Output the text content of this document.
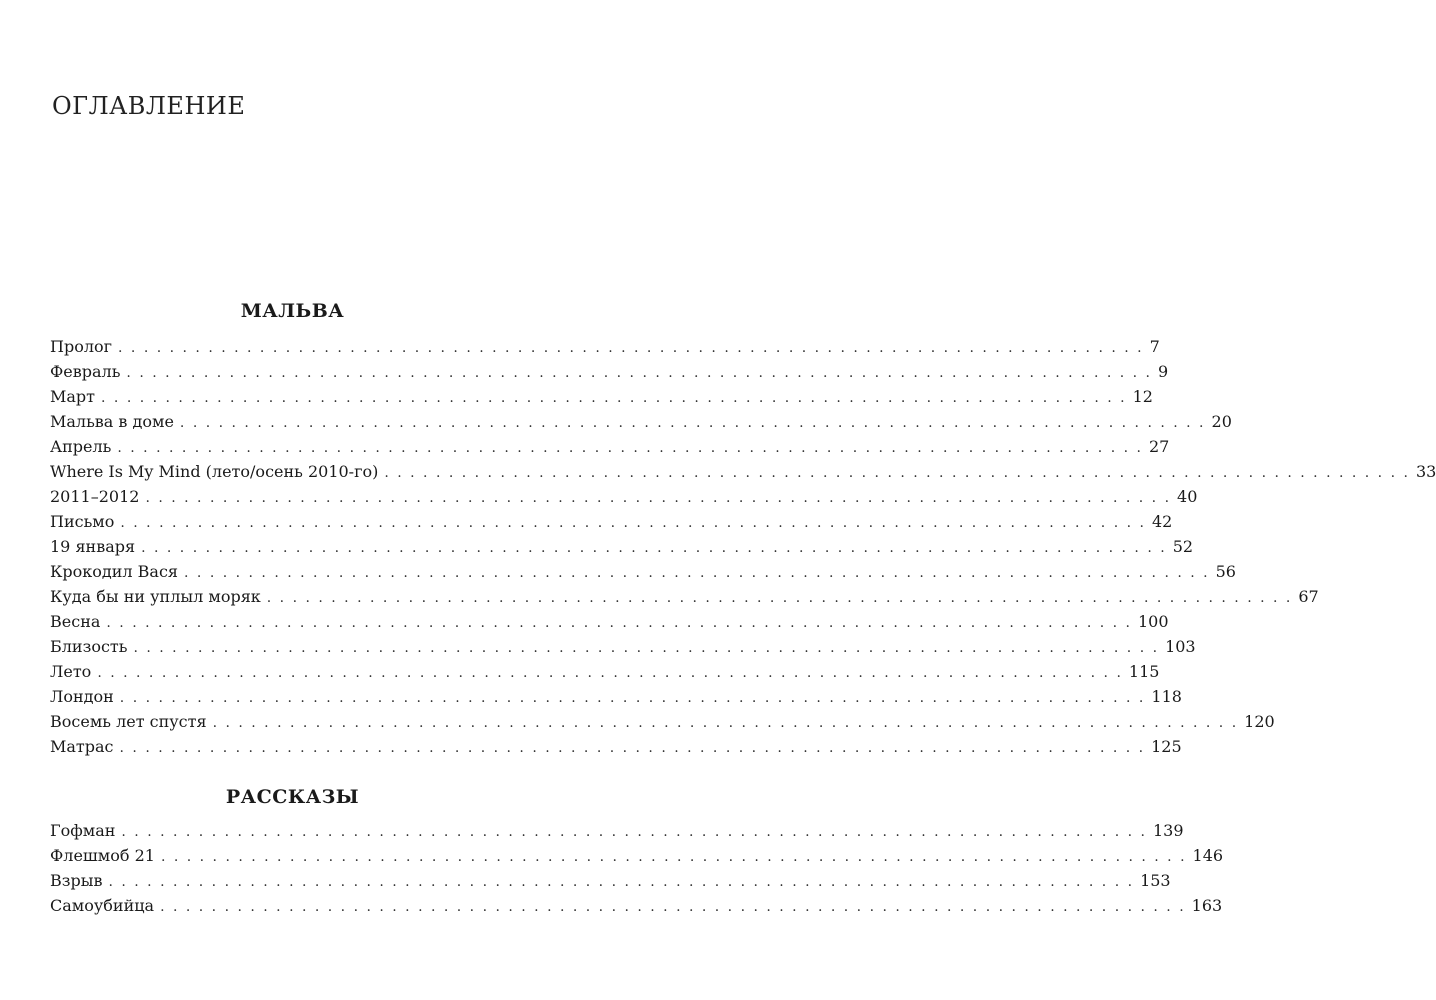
ОГЛАВЛЕНИЕ
МАЛЬВА
Пролог . . . . . . . . . . . . . . . . . . . . . . . . . . . . . . . . . . . . . . . . . . . . . . . . . . . . . . . . . . . . . . . . . . . . . . . . . . . . . . . . 7
Февраль . . . . . . . . . . . . . . . . . . . . . . . . . . . . . . . . . . . . . . . . . . . . . . . . . . . . . . . . . . . . . . . . . . . . . . . . . . . . . . . . 9
Март . . . . . . . . . . . . . . . . . . . . . . . . . . . . . . . . . . . . . . . . . . . . . . . . . . . . . . . . . . . . . . . . . . . . . . . . . . . . . . . . 12
Мальва в доме . . . . . . . . . . . . . . . . . . . . . . . . . . . . . . . . . . . . . . . . . . . . . . . . . . . . . . . . . . . . . . . . . . . . . . . . . . . . . . . . 20
Апрель . . . . . . . . . . . . . . . . . . . . . . . . . . . . . . . . . . . . . . . . . . . . . . . . . . . . . . . . . . . . . . . . . . . . . . . . . . . . . . . . 27
Where Is My Mind (лето/осень 2010-го) . . . . . . . . . . . . . . . . . . . . . . . . . . . . . . . . . . . . . . . . . . . . . . . . . . . . . . . . . . . . . . . . . . . . . . . . . . . . . . . . 33
2011–2012 . . . . . . . . . . . . . . . . . . . . . . . . . . . . . . . . . . . . . . . . . . . . . . . . . . . . . . . . . . . . . . . . . . . . . . . . . . . . . . . . 40
Письмо . . . . . . . . . . . . . . . . . . . . . . . . . . . . . . . . . . . . . . . . . . . . . . . . . . . . . . . . . . . . . . . . . . . . . . . . . . . . . . . . 42
19 января . . . . . . . . . . . . . . . . . . . . . . . . . . . . . . . . . . . . . . . . . . . . . . . . . . . . . . . . . . . . . . . . . . . . . . . . . . . . . . . . 52
Крокодил Вася . . . . . . . . . . . . . . . . . . . . . . . . . . . . . . . . . . . . . . . . . . . . . . . . . . . . . . . . . . . . . . . . . . . . . . . . . . . . . . . . 56
Куда бы ни уплыл моряк . . . . . . . . . . . . . . . . . . . . . . . . . . . . . . . . . . . . . . . . . . . . . . . . . . . . . . . . . . . . . . . . . . . . . . . . . . . . . . . . 67
Весна . . . . . . . . . . . . . . . . . . . . . . . . . . . . . . . . . . . . . . . . . . . . . . . . . . . . . . . . . . . . . . . . . . . . . . . . . . . . . . . . 100
Близость . . . . . . . . . . . . . . . . . . . . . . . . . . . . . . . . . . . . . . . . . . . . . . . . . . . . . . . . . . . . . . . . . . . . . . . . . . . . . . . . 103
Лето . . . . . . . . . . . . . . . . . . . . . . . . . . . . . . . . . . . . . . . . . . . . . . . . . . . . . . . . . . . . . . . . . . . . . . . . . . . . . . . . 115
Лондон . . . . . . . . . . . . . . . . . . . . . . . . . . . . . . . . . . . . . . . . . . . . . . . . . . . . . . . . . . . . . . . . . . . . . . . . . . . . . . . . 118
Восемь лет спустя . . . . . . . . . . . . . . . . . . . . . . . . . . . . . . . . . . . . . . . . . . . . . . . . . . . . . . . . . . . . . . . . . . . . . . . . . . . . . . . . 120
Матрас . . . . . . . . . . . . . . . . . . . . . . . . . . . . . . . . . . . . . . . . . . . . . . . . . . . . . . . . . . . . . . . . . . . . . . . . . . . . . . . . 125
РАССКАЗЫ
Гофман . . . . . . . . . . . . . . . . . . . . . . . . . . . . . . . . . . . . . . . . . . . . . . . . . . . . . . . . . . . . . . . . . . . . . . . . . . . . . . . . 139
Флешмоб 21 . . . . . . . . . . . . . . . . . . . . . . . . . . . . . . . . . . . . . . . . . . . . . . . . . . . . . . . . . . . . . . . . . . . . . . . . . . . . . . . . 146
Взрыв . . . . . . . . . . . . . . . . . . . . . . . . . . . . . . . . . . . . . . . . . . . . . . . . . . . . . . . . . . . . . . . . . . . . . . . . . . . . . . . . 153
Самоубийца . . . . . . . . . . . . . . . . . . . . . . . . . . . . . . . . . . . . . . . . . . . . . . . . . . . . . . . . . . . . . . . . . . . . . . . . . . . . . . . . 163
